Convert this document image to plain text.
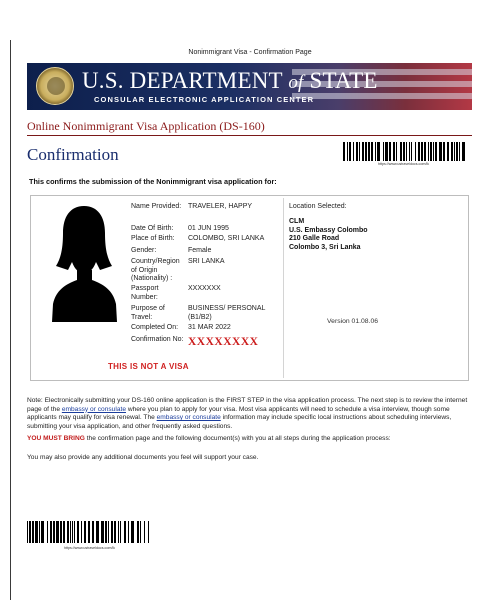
Nonimmigrant Visa - Confirmation Page
U.S. DEPARTMENT of STATE
CONSULAR ELECTRONIC APPLICATION CENTER
Online Nonimmigrant Visa Application (DS-160)
Confirmation	https://www.ustraveldocs.com/lk
This confirms the submission of the Nonimmigrant visa application for:
Name Provided: TRAVELER, HAPPY
Date Of Birth:	01 JUN 1995
Place of Birth:	COLOMBO, SRI LANKA
Gender:	Female
Country/Region of Origin (Nationality) :
SRI LANKA
Passport Number:
XXXXXXX
Purpose of Travel:
BUSINESS/ PERSONAL (B1/B2)
Completed On:	31 MAR 2022
Confirmation No: XXXXXXXX
THIS IS NOT A VISA
Location Selected:
CLM
U.S. Embassy Colombo
210 Galle Road
Colombo 3, Sri Lanka
Version 01.08.06
Note: Electronically submitting your DS-160 online application is the FIRST STEP in the visa application process. The next step is to review the internet page of the embassy or consulate where you plan to apply for your visa. Most visa applicants will need to schedule a visa interview, though some applicants may qualify for visa renewal. The embassy or consulate information may include specific local instructions about scheduling interviews, submitting your visa application, and other frequently asked questions.
YOU MUST BRING the confirmation page and the following document(s) with you at all steps during the application process:
You may also provide any additional documents you feel will support your case.
https://www.ustraveldocs.com/lk
